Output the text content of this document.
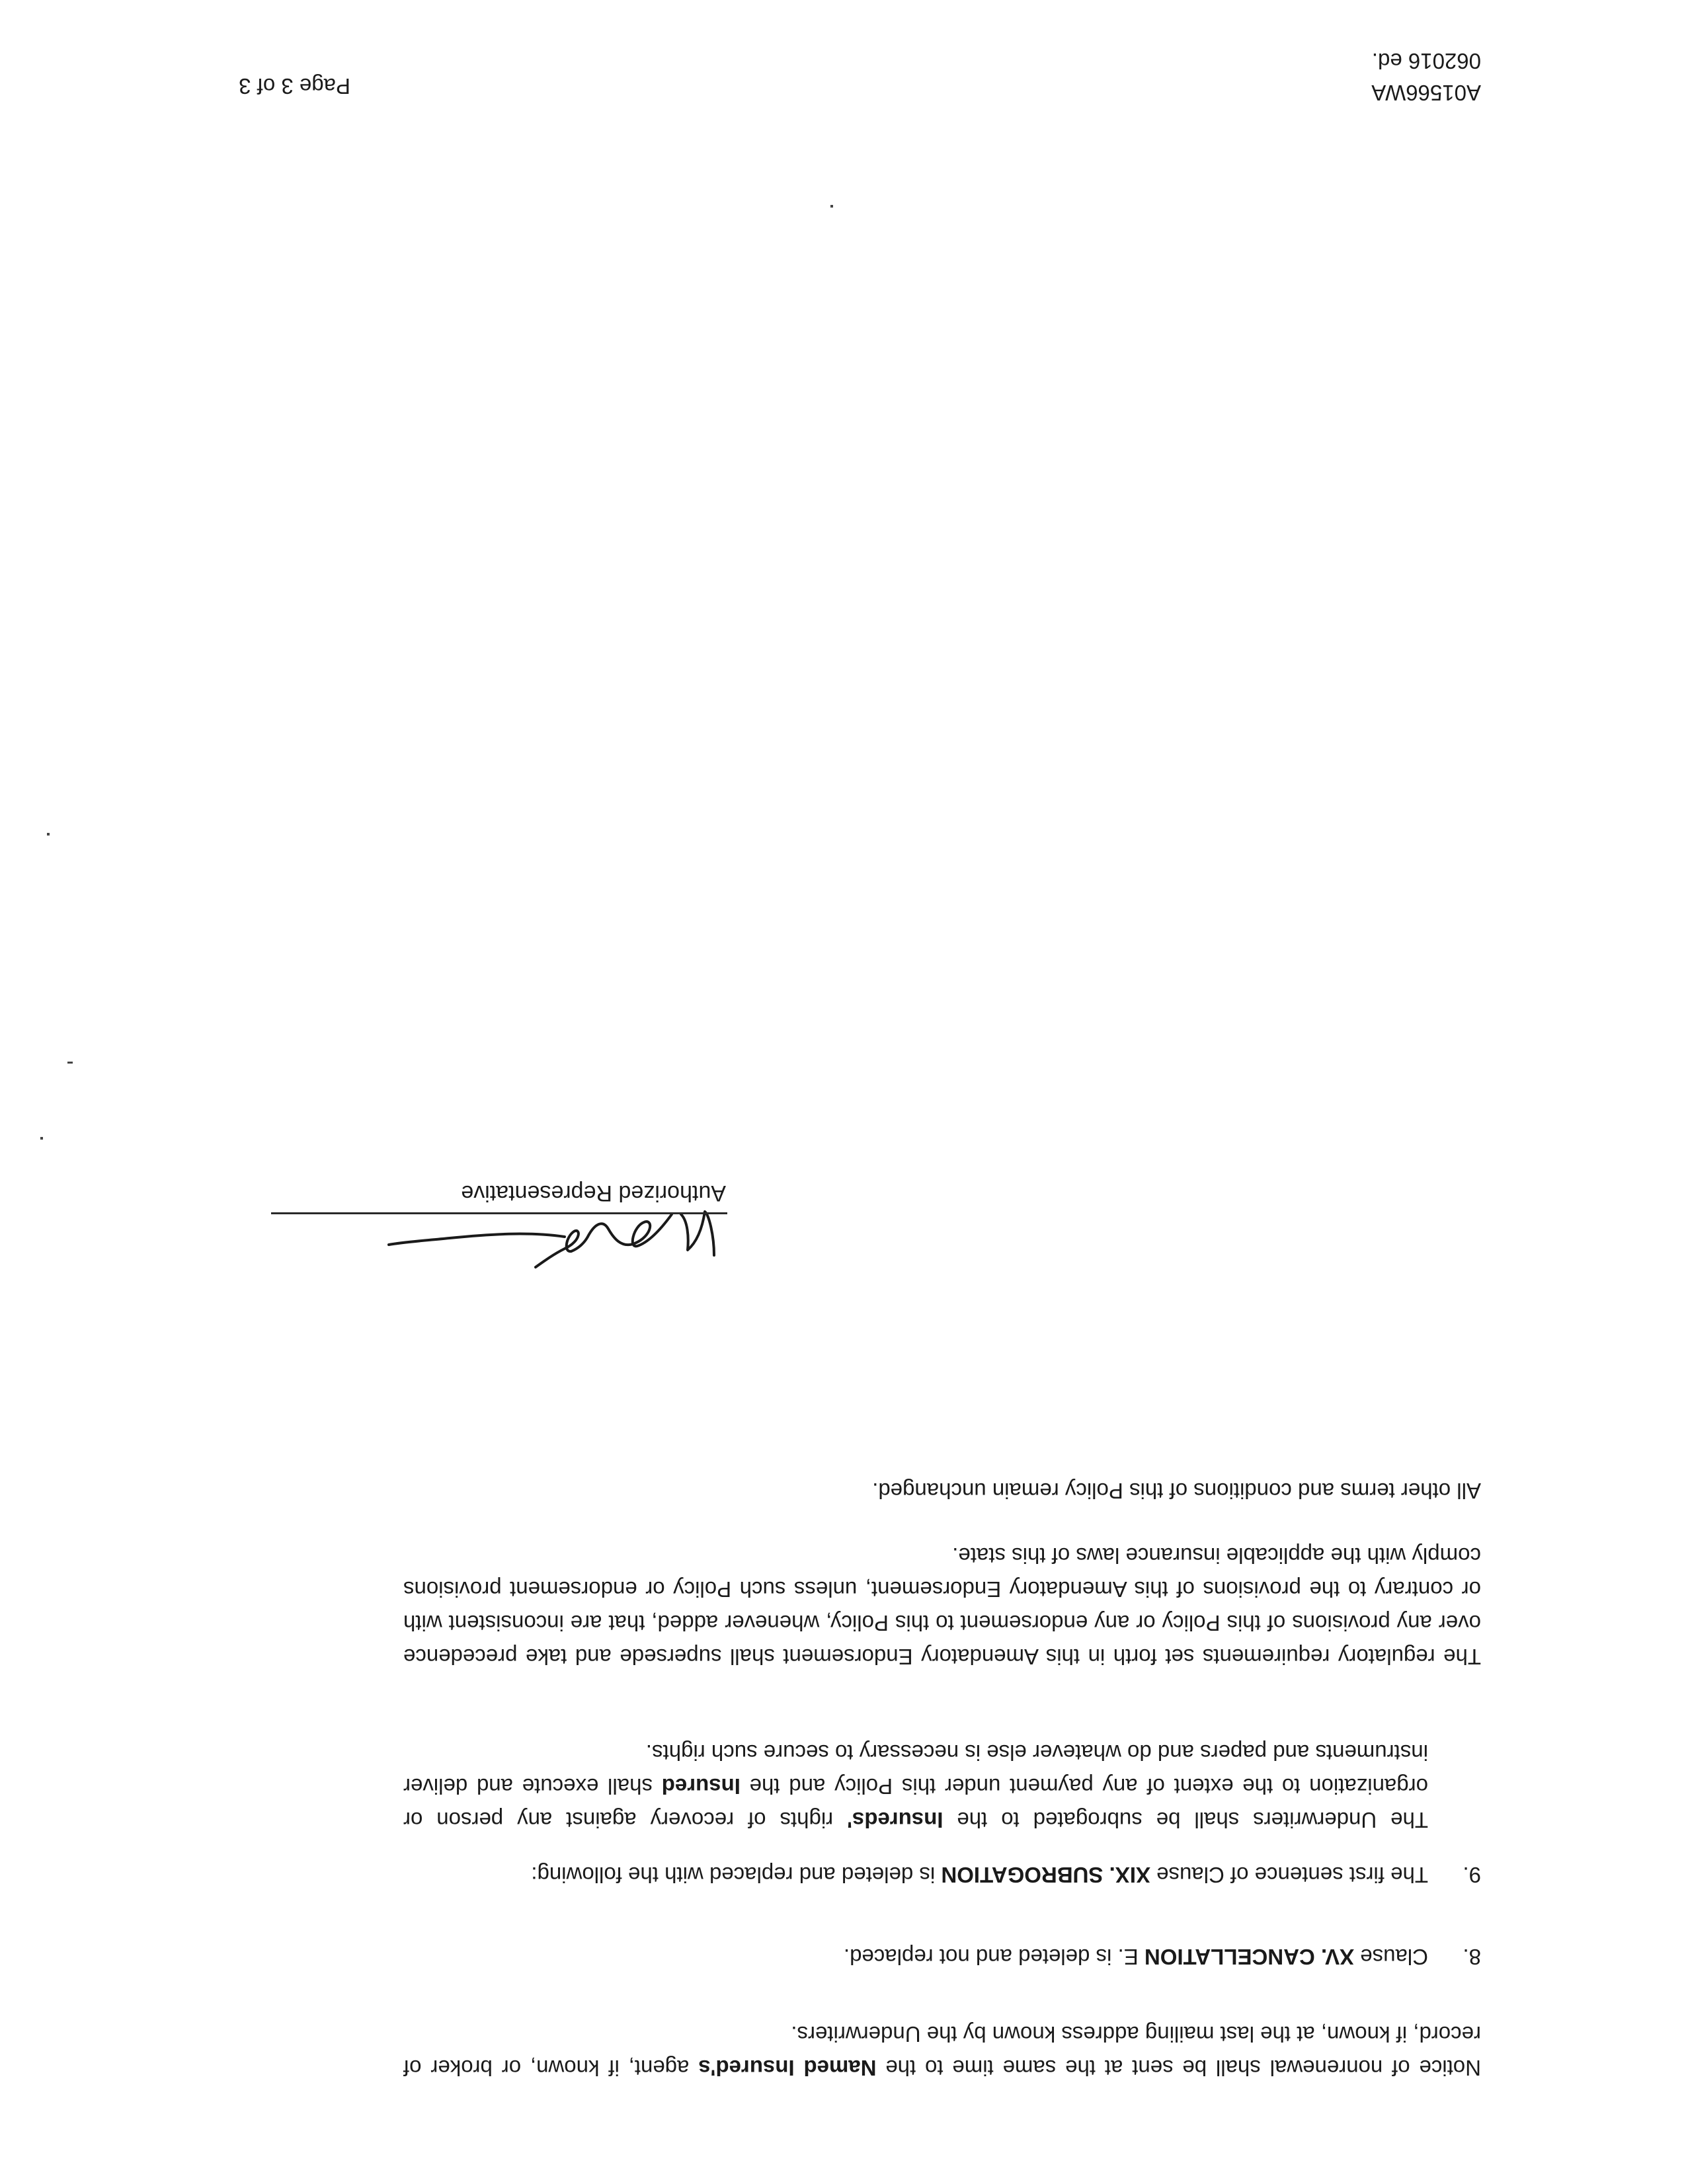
Notice of nonrenewal shall be sent at the same time to the Named Insured's agent, if known, or broker of record, if known, at the last mailing address known by the Underwriters.

8.

Clause XV. CANCELLATION E. is deleted and not replaced.

9.

The first sentence of Clause XIX. SUBROGATION is deleted and replaced with the following:

The Underwriters shall be subrogated to the Insureds' rights of recovery against any person or organization to the extent of any payment under this Policy and the Insured shall execute and deliver instruments and papers and do whatever else is necessary to secure such rights.

The regulatory requirements set forth in this Amendatory Endorsement shall supersede and take precedence over any provisions of this Policy or any endorsement to this Policy, whenever added, that are inconsistent with or contrary to the provisions of this Amendatory Endorsement, unless such Policy or endorsement provisions comply with the applicable insurance laws of this state.

All other terms and conditions of this Policy remain unchanged.

Authorized Representative
A01566WA
062016 ed.
Page 3 of 3
